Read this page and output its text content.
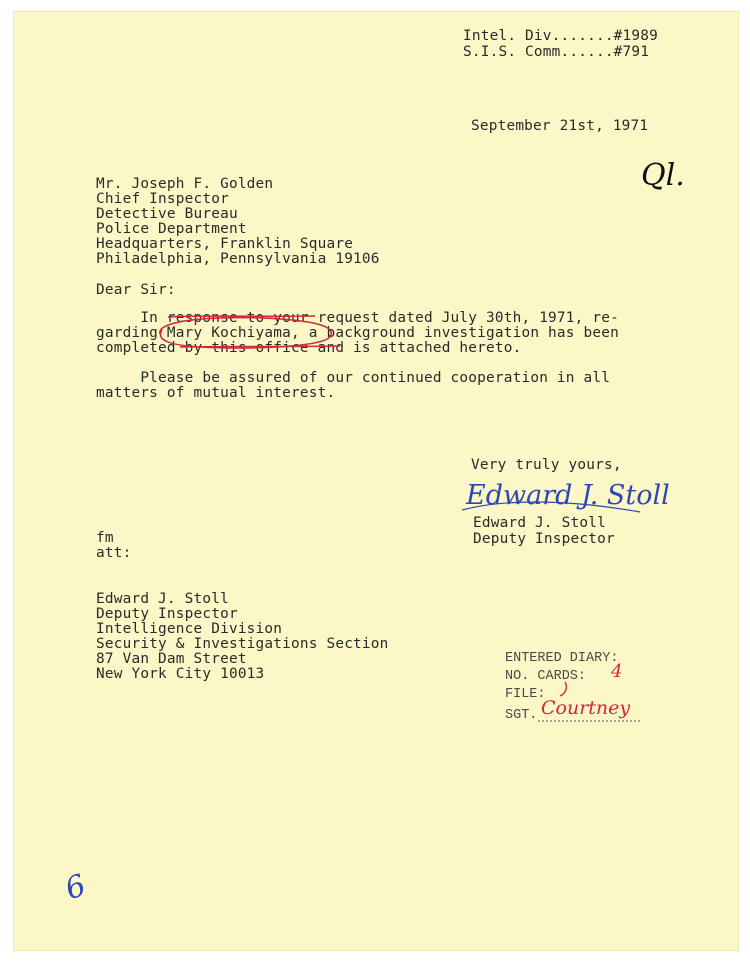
Intel. Div.......#1989
S.I.S. Comm......#791
September 21st, 1971
Ql.
Mr. Joseph F. Golden
Chief Inspector
Detective Bureau
Police Department
Headquarters, Franklin Square
Philadelphia, Pennsylvania 19106
Dear Sir:
In response to your request dated July 30th, 1971, re-
garding Mary Kochiyama, a background investigation has been
completed by this office and is attached hereto.
Please be assured of our continued cooperation in all
matters of mutual interest.
Very truly yours,
Edward J. Stoll
Edward J. Stoll
Deputy Inspector
fm
att:
Edward J. Stoll
Deputy Inspector
Intelligence Division
Security & Investigations Section
87 Van Dam Street
New York City 10013
ENTERED DIARY:
NO. CARDS: 4
FILE:
SGT. Courtney
6
